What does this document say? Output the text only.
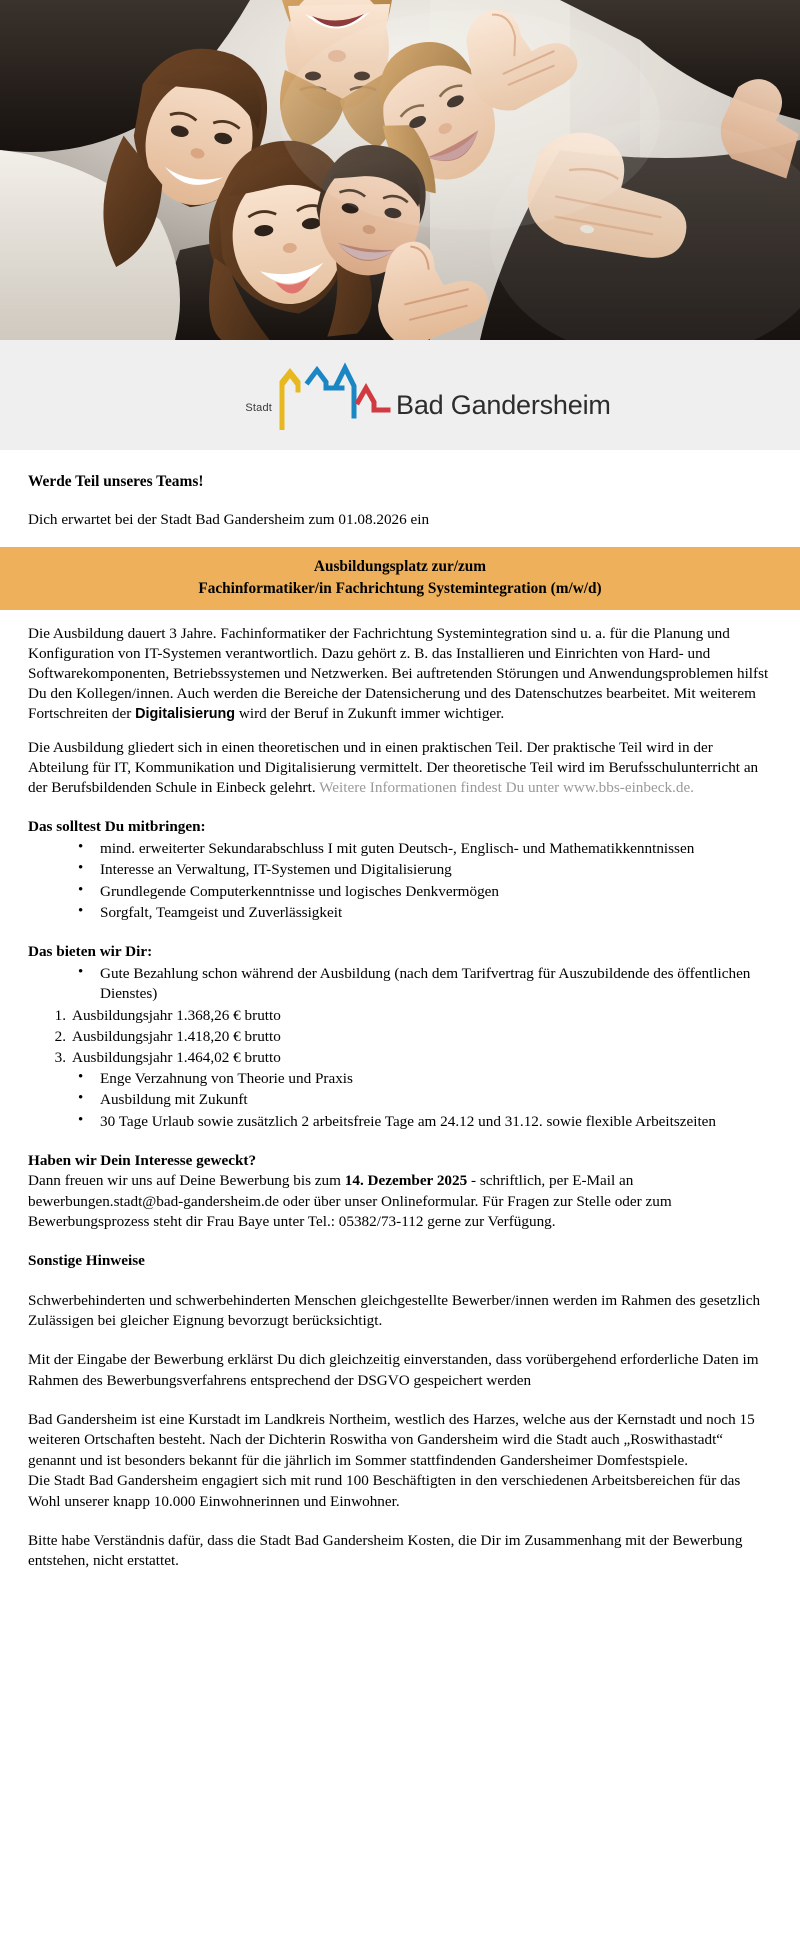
Stadt	Bad Gandersheim
Werde Teil unseres Teams!
Dich erwartet bei der Stadt Bad Gandersheim zum 01.08.2026 ein
Ausbildungsplatz zur/zum
Fachinformatiker/in Fachrichtung Systemintegration (m/w/d)

Die Ausbildung dauert 3 Jahre. Fachinformatiker der Fachrichtung Systemintegration sind u. a. für die Planung und Konfiguration von IT-Systemen verantwortlich. Dazu gehört z. B. das Installieren und Einrichten von Hard- und Softwarekomponenten, Betriebssystemen und Netzwerken. Bei auftretenden Störungen und Anwendungsproblemen hilfst Du den Kollegen/innen. Auch werden die Bereiche der Datensicherung und des Datenschutzes bearbeitet. Mit weiterem Fortschreiten der Digitalisierung wird der Beruf in Zukunft immer wichtiger.

Die Ausbildung gliedert sich in einen theoretischen und in einen praktischen Teil. Der praktische Teil wird in der Abteilung für IT, Kommunikation und Digitalisierung vermittelt. Der theoretische Teil wird im Berufsschulunterricht an der Berufsbildenden Schule in Einbeck gelehrt. Weitere Informationen findest Du unter www.bbs-einbeck.de.

Das solltest Du mitbringen:
• mind. erweiterter Sekundarabschluss I mit guten Deutsch-, Englisch- und Mathematikkenntnissen
• Interesse an Verwaltung, IT-Systemen und Digitalisierung
• Grundlegende Computerkenntnisse und logisches Denkvermögen
• Sorgfalt, Teamgeist und Zuverlässigkeit
Das bieten wir Dir:
• Gute Bezahlung schon während der Ausbildung (nach dem Tarifvertrag für Auszubildende des öffentlichen Dienstes)
Ausbildungsjahr 1.368,26 € brutto
Ausbildungsjahr 1.418,20 € brutto
Ausbildungsjahr 1.464,02 € brutto
• Enge Verzahnung von Theorie und Praxis
• Ausbildung mit Zukunft
• 30 Tage Urlaub sowie zusätzlich 2 arbeitsfreie Tage am 24.12 und 31.12. sowie flexible Arbeitszeiten

Haben wir Dein Interesse geweckt?

Dann freuen wir uns auf Deine Bewerbung bis zum 14. Dezember 2025 - schriftlich, per E-Mail an bewerbungen.stadt@bad-gandersheim.de oder über unser Onlineformular. Für Fragen zur Stelle oder zum Bewerbungsprozess steht dir Frau Baye unter Tel.: 05382/73-112 gerne zur Verfügung.

Sonstige Hinweise

Schwerbehinderten und schwerbehinderten Menschen gleichgestellte Bewerber/innen werden im Rahmen des gesetzlich Zulässigen bei gleicher Eignung bevorzugt berücksichtigt.

Mit der Eingabe der Bewerbung erklärst Du dich gleichzeitig einverstanden, dass vorübergehend erforderliche Daten im Rahmen des Bewerbungsverfahrens entsprechend der DSGVO gespeichert werden

Bad Gandersheim ist eine Kurstadt im Landkreis Northeim, westlich des Harzes, welche aus der Kernstadt und noch 15 weiteren Ortschaften besteht. Nach der Dichterin Roswitha von Gandersheim wird die Stadt auch „Roswithastadt“ genannt und ist besonders bekannt für die jährlich im Sommer stattfindenden Gandersheimer Domfestspiele.

Die Stadt Bad Gandersheim engagiert sich mit rund 100 Beschäftigten in den verschiedenen Arbeitsbereichen für das Wohl unserer knapp 10.000 Einwohnerinnen und Einwohner.

Bitte habe Verständnis dafür, dass die Stadt Bad Gandersheim Kosten, die Dir im Zusammenhang mit der Bewerbung entstehen, nicht erstattet.
